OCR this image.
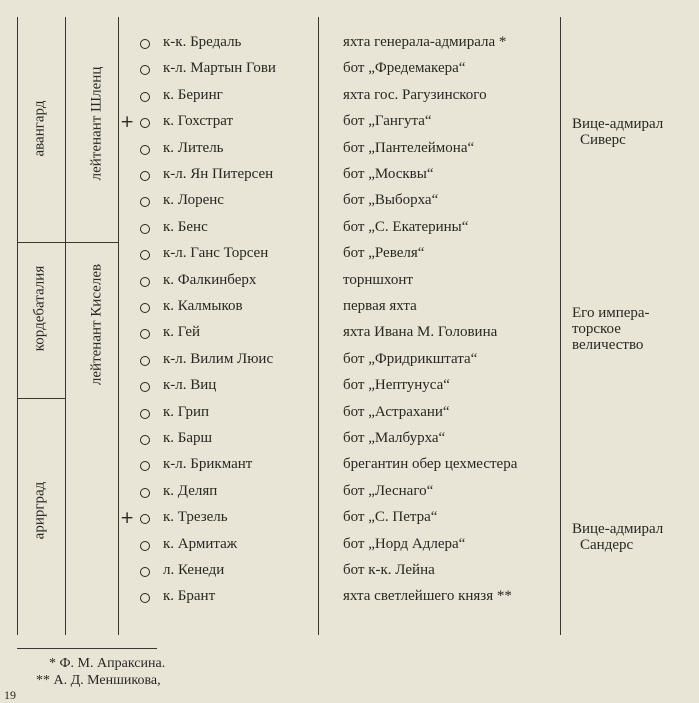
авангард
кордебаталия
арирград
лейтенант Шленц
лейтенант Киселев
к-к. Бредаль	яхта генерала-адмирала *
к-л. Мартын Гови	бот „Фредемакера“
к. Беринг	яхта гос. Рагузинского
+ к. Гохстрат	бот „Гангута“
к. Литель	бот „Пантелеймона“
к-л. Ян Питерсен	бот „Москвы“
к. Лоренс	бот „Выборха“
к. Бенс	бот „С. Екатерины“
к-л. Ганс Торсен	бот „Ревеля“
к. Фалкинберх	торншхонт
к. Калмыков	первая яхта
к. Гей	яхта Ивана М. Головина
к-л. Вилим Люис	бот „Фридрикштата“
к-л. Виц	бот „Нептунуса“
к. Грип	бот „Астрахани“
к. Барш	бот „Малбурха“
к-л. Брикмант	брегантин обер цехместера
к. Деляп	бот „Леснаго“
+ к. Трезель	бот „С. Петра“
к. Армитаж	бот „Норд Адлера“
л. Кенеди	бот к-к. Лейна
к. Брант	яхта светлейшего князя **
Вице-адмирал
Сиверс
Его импера-
торское
величество
Вице-адмирал
Сандерс
* Ф. М. Апраксина.
** А. Д. Меншикова,
19
